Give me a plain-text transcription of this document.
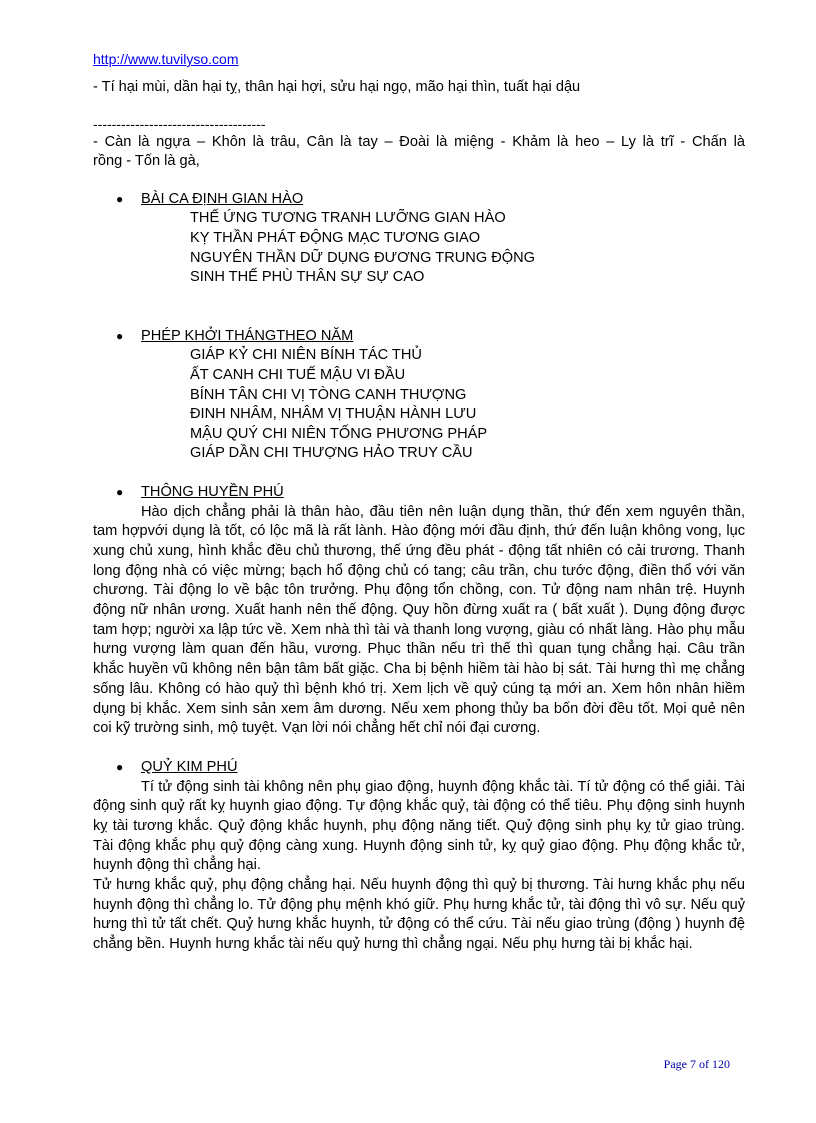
http://www.tuvilyso.com

- Tí hại mùi, dần hại tỵ, thân hại hợi, sửu hại ngọ, mão hại thìn, tuất hại dậu

-------------------------------------

- Càn là ngựa – Khôn là trâu, Cân là tay – Đoài là miệng - Khảm là heo – Ly là trĩ - Chấn là

rồng - Tốn là gà,

● BÀI CA ĐỊNH GIAN HÀO

THẾ ỨNG TƯƠNG TRANH LƯỠNG GIAN HÀO

KỴ THẦN PHÁT ĐỘNG MẠC TƯƠNG GIAO

NGUYÊN THẦN DỮ DỤNG ĐƯƠNG TRUNG ĐỘNG

SINH THẾ PHÙ THÂN SỰ SỰ CAO

● PHÉP KHỞI THÁNGTHEO NĂM

GIÁP KỶ CHI NIÊN BÍNH TÁC THỦ

ẤT CANH CHI TUẾ MẬU VI ĐẦU

BÍNH TÂN CHI VỊ TÒNG CANH THƯỢNG

ĐINH NHÂM, NHÂM VỊ THUẬN HÀNH LƯU

MẬU QUÝ CHI NIÊN TỐNG PHƯƠNG PHÁP

GIÁP DẦN CHI THƯỢNG HẢO TRUY CẦU

● THÔNG HUYỀN PHÚ

Hào dịch chẳng phải là thân hào, đầu tiên nên luận dụng thần, thứ đến xem nguyên thần, tam hợpvới dụng là tốt, có lộc mã là rất lành. Hào động mới đầu định, thứ đến luận không vong, lục xung chủ xung, hình khắc đều chủ thương, thế ứng đều phát - động tất nhiên có cải trương. Thanh long động nhà có việc mừng; bạch hổ động chủ có tang; câu trần, chu tước động, điền thổ với văn chương. Tài động lo về bậc tôn trưởng. Phụ động tổn chồng, con. Tử động nam nhân trệ. Huynh động nữ nhân ương. Xuất hanh nên thế động. Quy hồn đừng xuất ra ( bất xuất ). Dụng động được tam hợp; người xa lập tức về. Xem nhà thì tài và thanh long vượng, giàu có nhất làng. Hào phụ mẫu hưng vượng làm quan đến hầu, vương. Phục thần nếu trì thế thì quan tụng chẳng hại. Câu trần khắc huyền vũ không nên bận tâm bất giặc. Cha bị bệnh hiềm tài hào bị sát. Tài hưng thì mẹ chẳng sống lâu. Không có hào quỷ thì bệnh khó trị. Xem lịch về quỷ cúng tạ mới an. Xem hôn nhân hiềm dụng bị khắc. Xem sinh sản xem âm dương. Nếu xem phong thủy ba bốn đời đều tốt. Mọi quẻ nên coi kỹ trường sinh, mộ tuyệt. Vạn lời nói chẳng hết chỉ nói đại cương.

● QUỶ KIM PHÚ

Tí tử động sinh tài không nên phụ giao động, huynh động khắc tài. Tí tử động có thể giải. Tài động sinh quỷ rất kỵ huynh giao động. Tự động khắc quỷ, tài động có thể tiêu. Phụ động sinh huynh kỵ tài tương khắc. Quỷ động khắc huynh, phụ động năng tiết. Quỷ động sinh phụ kỵ tử giao trùng. Tài động khắc phụ quỷ động càng xung. Huynh động sinh tử, kỵ quỷ giao động. Phụ động khắc tử, huynh động thì chẳng hại.

Tử hưng khắc quỷ, phụ động chẳng hại. Nếu huynh động thì quỷ bị thương. Tài hưng khắc phụ nếu huynh động thì chẳng lo. Tử động phụ mệnh khó giữ. Phụ hưng khắc tử, tài động thì vô sự. Nếu quỷ hưng thì tử tất chết. Quỷ hưng khắc huynh, tử động có thể cứu. Tài nếu giao trùng (động ) huynh đệ chẳng bền. Huynh hưng khắc tài nếu quỷ hưng thì chẳng ngại. Nếu phụ hưng tài bị khắc hại.

Page 7 of 120
